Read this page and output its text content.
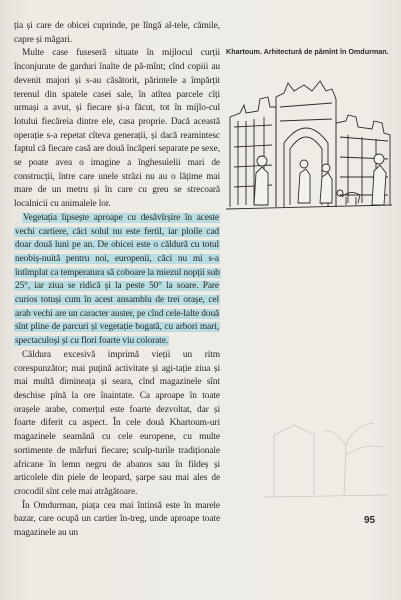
ția și care de obicei cuprinde, pe lîngă al-tele, cămile, capre și măgari.

Multe case fuseseră situate în mijlocul curții înconjurate de garduri înalte de pă-mînt; cînd copiii au devenit majori și s-au căsătorit, părinteIe a împărțit terenul din spatele casei sale, în atîtea parcele cîți urmași a avut, și fiecare și-a făcut, tot în mijlo-cul lotului fiecăreia dintre ele, casa proprie. Dacă această operație s-a repetat cîteva generații, și dacă reamintesc faptul că fiecare casă are două încăperi separate pe sexe, se poate avea o imagine a înghesuielii mari de construcții, între care unele străzi nu au o lățime mai mare de un metru și în care cu greu se strecoară localnicii cu animalele lor.

Vegetația lipsește aproape cu desăvîrșire în aceste vechi cartiere, căci solul nu este fertil, iar ploile cad doar două luni pe an. De obicei este o căldură cu totul neobiș-nuită pentru noi, europenii, căci nu mi s-a întîmplat ca temperatura să coboare la miezul nopții sub 25°, iar ziua se ridică și la peste 50° la soare. Pare curios totuși cum în acest ansamblu de trei orașe, cel arab vechi are un caracter auster, pe cînd cele-lalte două sînt pline de parcuri și vegetație bogată, cu arbori mari, spectaculoși și cu flori foarte viu colorate.

Căldura excesivă imprimă vieții un ritm corespunzător; mai puțină activitate și agi-tație ziua și mai multă dimineața și seara, cînd magazinele sînt deschise pînă la ore înaintate. Ca aproape în toate orașele arabe, comerțul este foarte dezvoltat, dar și foarte diferit ca aspect. În cele două Khartoum-uri magazinele seamănă cu cele europene, cu multe sortimente de mărfuri fiecare; sculp-turile tradiționale africane în lemn negru de abanos sau în fildeș și articolele din piele de leopard, șarpe sau mai ales de crocodil sînt cele mai atrăgătoare.

În Omdurman, piața cea mai întinsă este în marele bazar, care ocupă un cartier în-treg, unde aproape toate magazinele au un

Khartoum. Arhitectură de pămînt în Omdurman.
95
